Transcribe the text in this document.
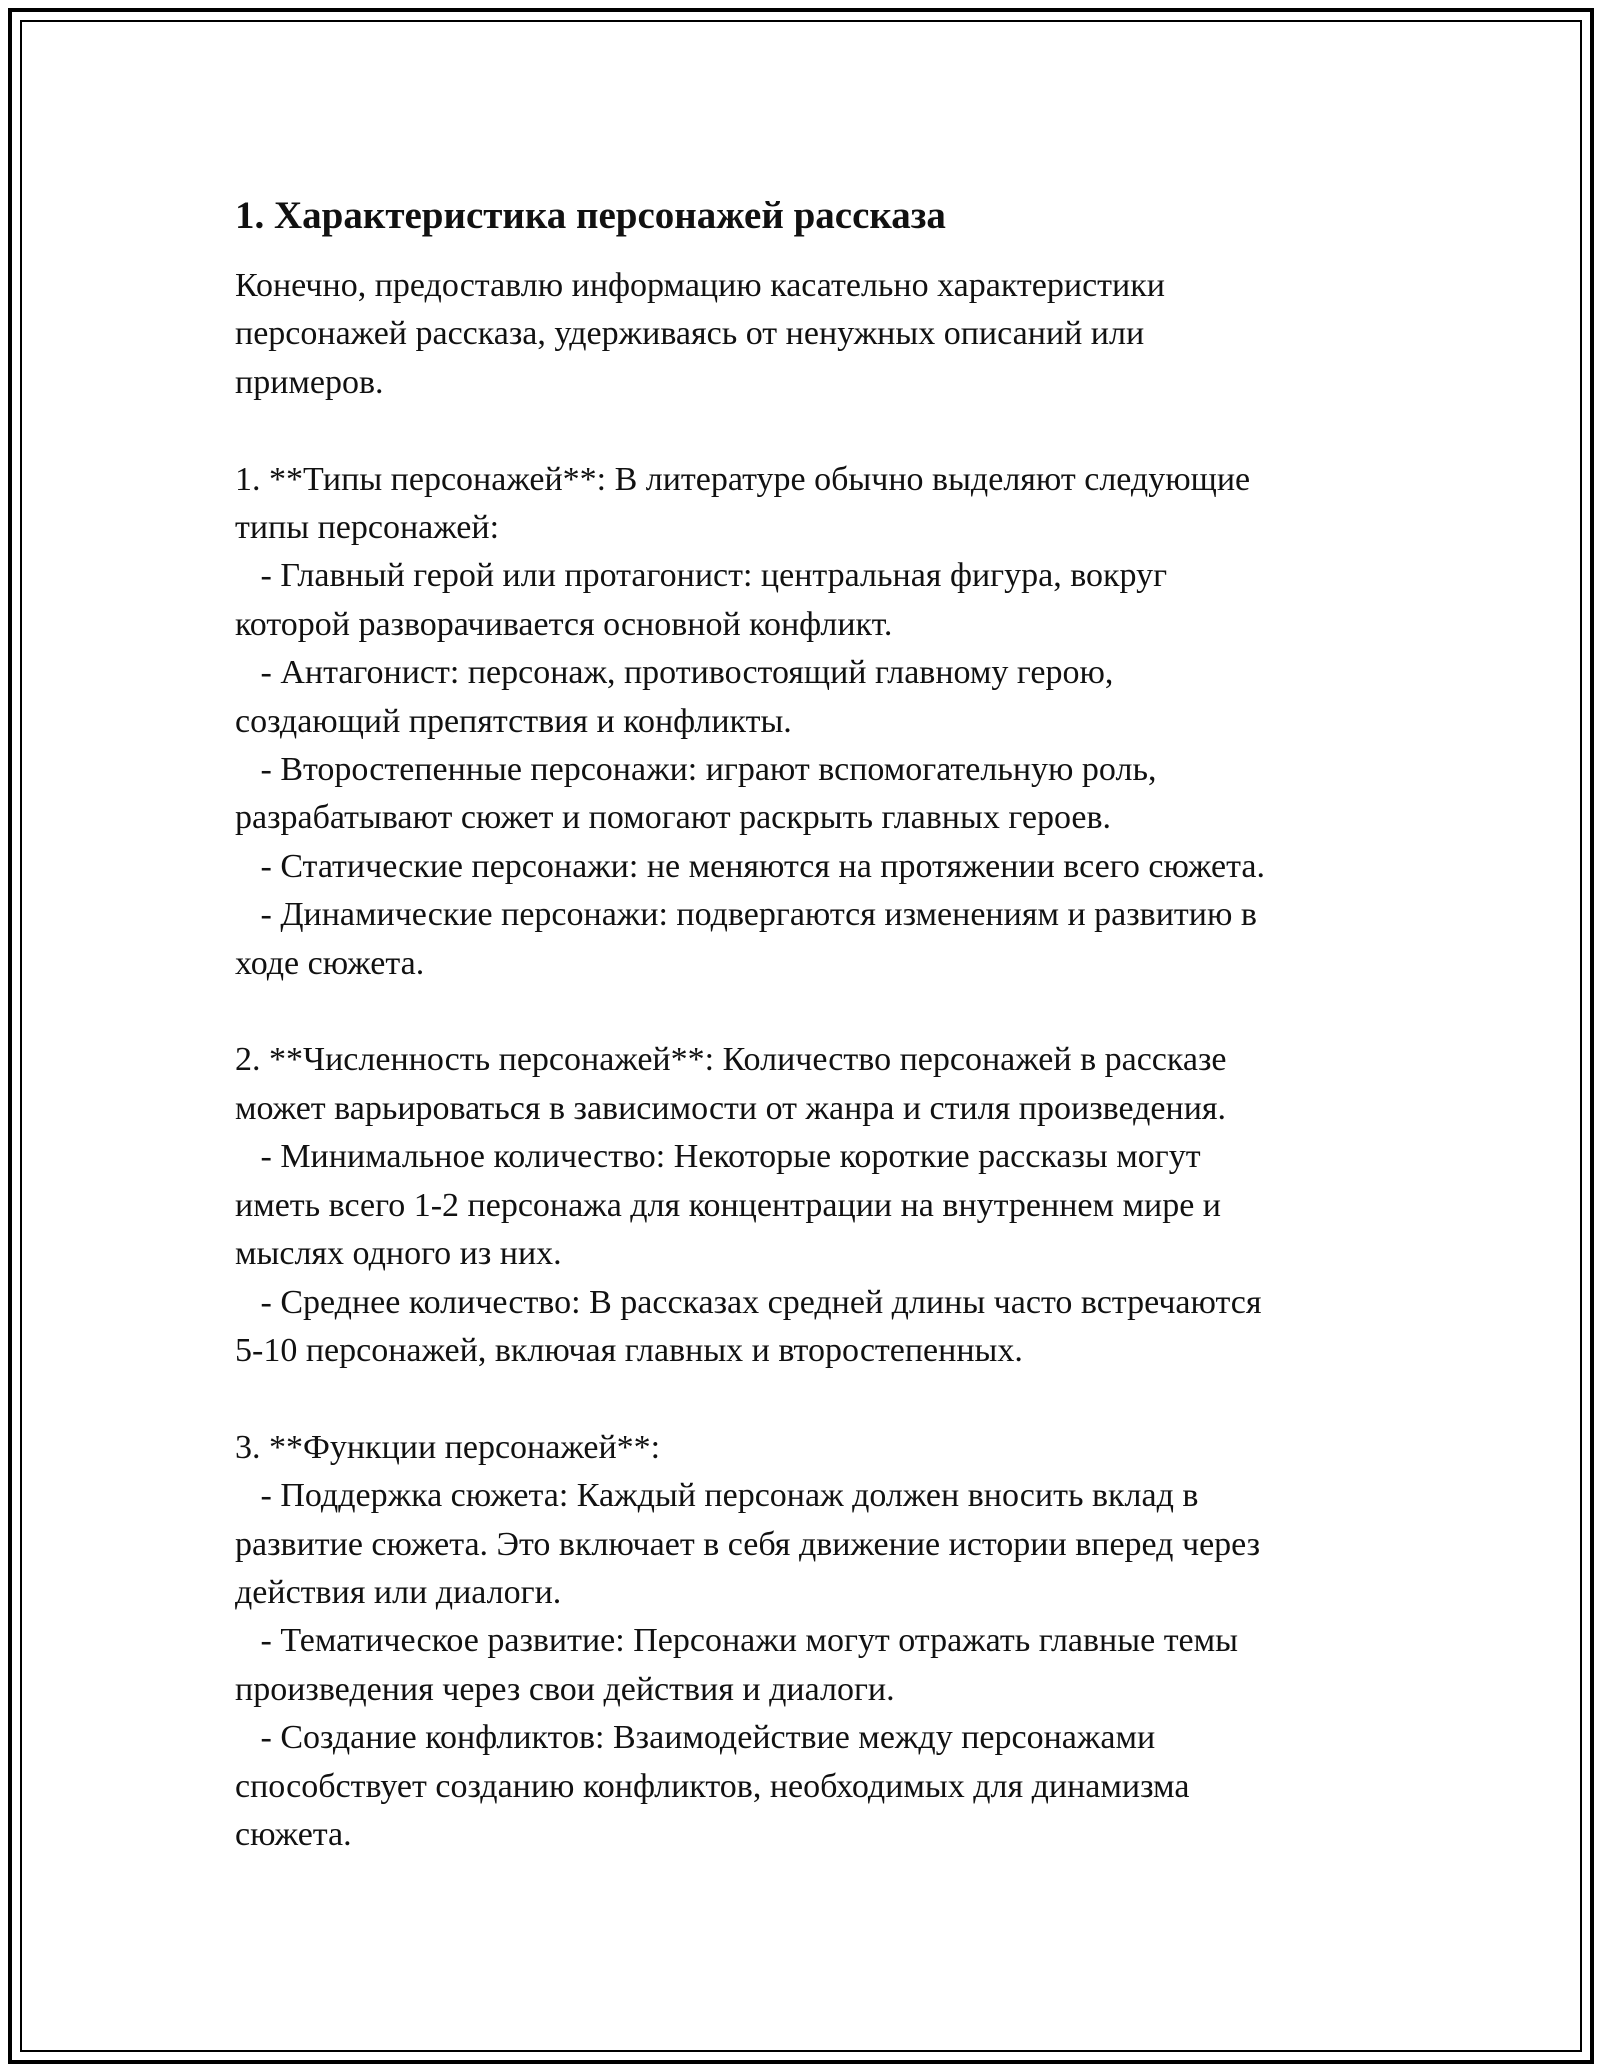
1. Характеристика персонажей рассказа
Конечно, предоставлю информацию касательно характеристики
персонажей рассказа, удерживаясь от ненужных описаний или
примеров.
1. **Типы персонажей**: В литературе обычно выделяют следующие
типы персонажей:
- Главный герой или протагонист: центральная фигура, вокруг
которой разворачивается основной конфликт.
- Антагонист: персонаж, противостоящий главному герою,
создающий препятствия и конфликты.
- Второстепенные персонажи: играют вспомогательную роль,
разрабатывают сюжет и помогают раскрыть главных героев.
- Статические персонажи: не меняются на протяжении всего сюжета.
- Динамические персонажи: подвергаются изменениям и развитию в
ходе сюжета.
2. **Численность персонажей**: Количество персонажей в рассказе
может варьироваться в зависимости от жанра и стиля произведения.
- Минимальное количество: Некоторые короткие рассказы могут
иметь всего 1-2 персонажа для концентрации на внутреннем мире и
мыслях одного из них.
- Среднее количество: В рассказах средней длины часто встречаются
5-10 персонажей, включая главных и второстепенных.
3. **Функции персонажей**:
- Поддержка сюжета: Каждый персонаж должен вносить вклад в
развитие сюжета. Это включает в себя движение истории вперед через
действия или диалоги.
- Тематическое развитие: Персонажи могут отражать главные темы
произведения через свои действия и диалоги.
- Создание конфликтов: Взаимодействие между персонажами
способствует созданию конфликтов, необходимых для динамизма
сюжета.
